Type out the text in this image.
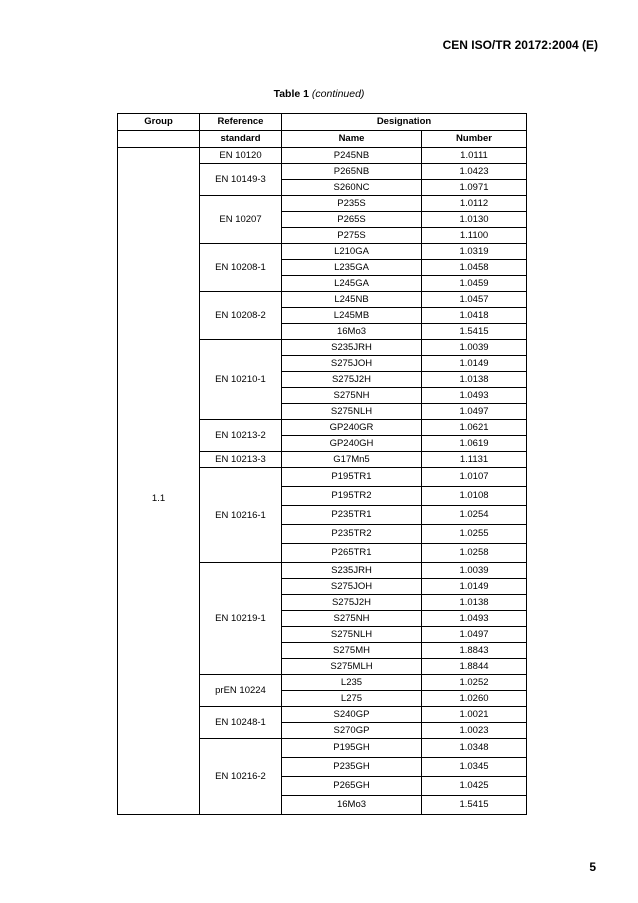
CEN ISO/TR 20172:2004 (E)
Table 1 (continued)
Group	Reference	Designation	
	standard	Name	Number
1.1	EN 10120	P245NB	1.0111
	EN 10149-3	P265NB	1.0423
		S260NC	1.0971
	EN 10207	P235S	1.0112
		P265S	1.0130
		P275S	1.1100
	EN 10208-1	L210GA	1.0319
		L235GA	1.0458
		L245GA	1.0459
	EN 10208-2	L245NB	1.0457
		L245MB	1.0418
		16Mo3	1.5415
	EN 10210-1	S235JRH	1.0039
		S275JOH	1.0149
		S275J2H	1.0138
		S275NH	1.0493
		S275NLH	1.0497
	EN 10213-2	GP240GR	1.0621
		GP240GH	1.0619
	EN 10213-3	G17Mn5	1.1131
	EN 10216-1	P195TR1	1.0107
		P195TR2	1.0108
		P235TR1	1.0254
		P235TR2	1.0255
		P265TR1	1.0258
	EN 10219-1	S235JRH	1.0039
		S275JOH	1.0149
		S275J2H	1.0138
		S275NH	1.0493
		S275NLH	1.0497
		S275MH	1.8843
		S275MLH	1.8844
	prEN 10224	L235	1.0252
		L275	1.0260
	EN 10248-1	S240GP	1.0021
		S270GP	1.0023
	EN 10216-2	P195GH	1.0348
		P235GH	1.0345
		P265GH	1.0425
		16Mo3	1.5415
5
